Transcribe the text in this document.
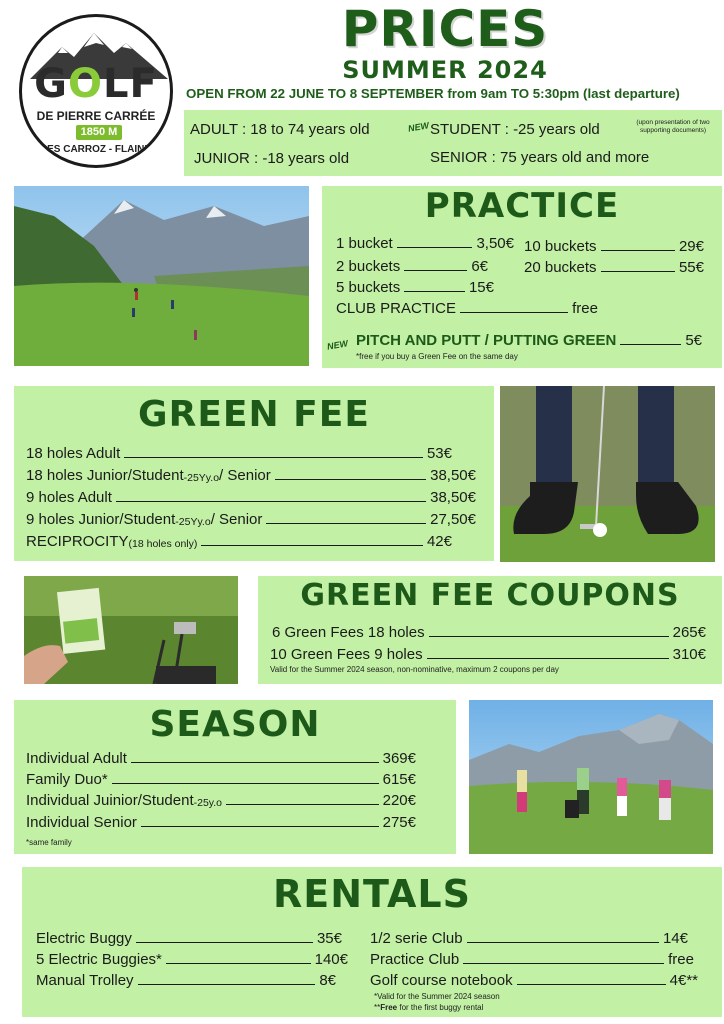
GOLF
DE PIERRE CARRÉE
1850 M
LES CARROZ - FLAINE
PRICES
SUMMER 2024
OPEN FROM 22 JUNE TO 8 SEPTEMBER from 9am TO 5:30pm (last departure)
ADULT : 18 to 74 years old	NEW STUDENT : -25 years old	(upon presentation of two
supporting documents)
JUNIOR : -18 years old	SENIOR : 75 years old and more
PRACTICE
1 bucket	3,50€
2 buckets	6€
5 buckets	15€
10 buckets	29€
20 buckets	55€
CLUB PRACTICE	free
NEW PITCH AND PUTT / PUTTING GREEN	5€
*free if you buy a Green Fee on the same day
GREEN FEE
18 holes Adult	53€
18 holes Junior/Student -25Yy.o / Senior	38,50€
9 holes Adult	38,50€
9 holes Junior/Student -25Yy.o / Senior	27,50€
RECIPROCITY (18 holes only)	42€
GREEN FEE COUPONS
6 Green Fees 18 holes	265€
10 Green Fees 9 holes	310€
Valid for the Summer 2024 season, non-nominative, maximum 2 coupons per day
SEASON
Individual Adult	369€
Family Duo*	615€
Individual Juinior/Student -25y.o	220€
Individual Senior	275€
*same family
RENTALS
Electric Buggy	35€
5 Electric Buggies*	140€
Manual Trolley	8€
1/2 serie Club	14€
Practice Club	free
Golf course notebook	4€**
*Valid for the Summer 2024 season
**Free for the first buggy rental
